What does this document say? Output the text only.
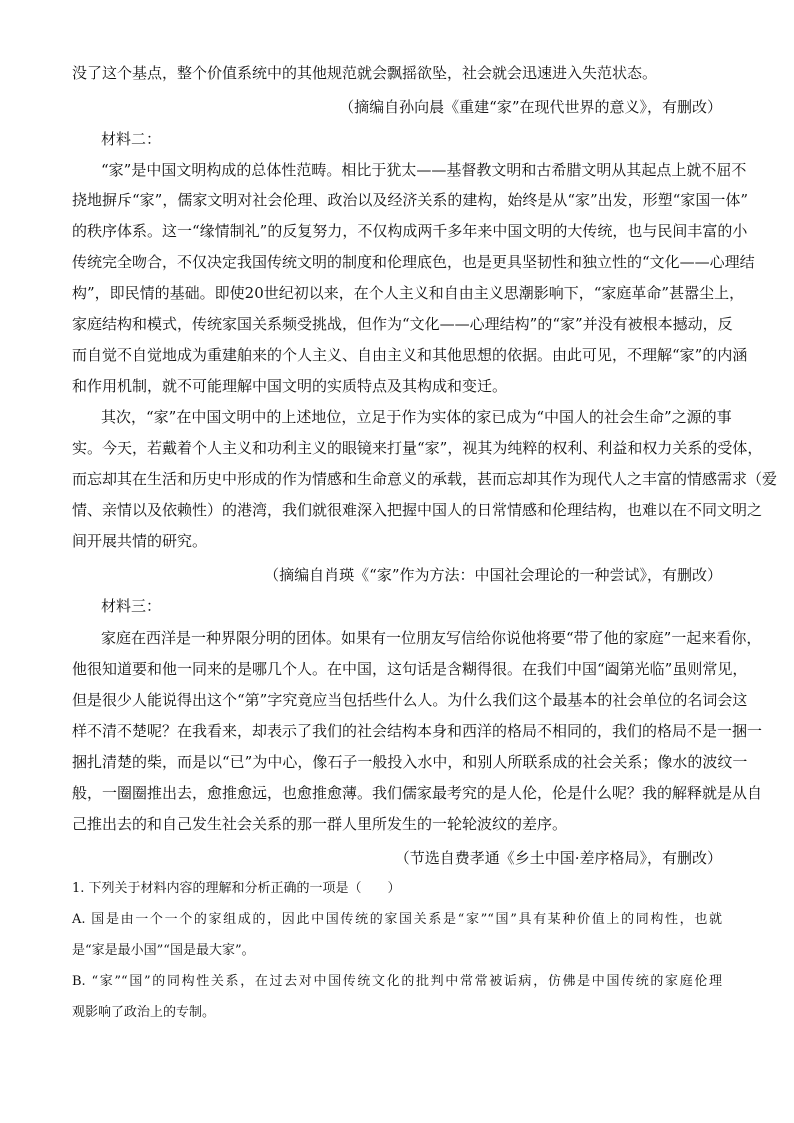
没了这个基点，整个价值系统中的其他规范就会飘摇欲坠，社会就会迅速进入失范状态。
（摘编自孙向晨《重建“家”在现代世界的意义》，有删改）
材料二：
“家”是中国文明构成的总体性范畴。相比于犹太——基督教文明和古希腊文明从其起点上就不屈不
挠地摒斥“家”，儒家文明对社会伦理、政治以及经济关系的建构，始终是从“家”出发，形塑“家国一体”
的秩序体系。这一“缘情制礼”的反复努力，不仅构成两千多年来中国文明的大传统，也与民间丰富的小
传统完全吻合，不仅决定我国传统文明的制度和伦理底色，也是更具坚韧性和独立性的“文化——心理结
构”，即民情的基础。即使20世纪初以来，在个人主义和自由主义思潮影响下，“家庭革命”甚嚣尘上，
家庭结构和模式，传统家国关系频受挑战，但作为“文化——心理结构”的“家”并没有被根本撼动，反
而自觉不自觉地成为重建舶来的个人主义、自由主义和其他思想的依据。由此可见，不理解“家”的内涵
和作用机制，就不可能理解中国文明的实质特点及其构成和变迁。
其次，“家”在中国文明中的上述地位，立足于作为实体的家已成为“中国人的社会生命”之源的事
实。今天，若戴着个人主义和功利主义的眼镜来打量“家”，视其为纯粹的权利、利益和权力关系的受体，
而忘却其在生活和历史中形成的作为情感和生命意义的承载，甚而忘却其作为现代人之丰富的情感需求（爱
情、亲情以及依赖性）的港湾，我们就很难深入把握中国人的日常情感和伦理结构，也难以在不同文明之
间开展共情的研究。
（摘编自肖瑛《“家”作为方法：中国社会理论的一种尝试》，有删改）
材料三：
家庭在西洋是一种界限分明的团体。如果有一位朋友写信给你说他将要“带了他的家庭”一起来看你，
他很知道要和他一同来的是哪几个人。在中国，这句话是含糊得很。在我们中国“阖第光临”虽则常见，
但是很少人能说得出这个“第”字究竟应当包括些什么人。为什么我们这个最基本的社会单位的名词会这
样不清不楚呢？在我看来，却表示了我们的社会结构本身和西洋的格局不相同的，我们的格局不是一捆一
捆扎清楚的柴，而是以“已”为中心，像石子一般投入水中，和别人所联系成的社会关系；像水的波纹一
般，一圈圈推出去，愈推愈远，也愈推愈薄。我们儒家最考究的是人伦，伦是什么呢？我的解释就是从自
己推出去的和自己发生社会关系的那一群人里所发生的一轮轮波纹的差序。
（节选自费孝通《乡土中国·差序格局》，有删改）
1. 下列关于材料内容的理解和分析正确的一项是（　　）
A. 国是由一个一个的家组成的，因此中国传统的家国关系是“家”“国”具有某种价值上的同构性，也就
是“家是最小国”“国是最大家”。
B. “家”“国”的同构性关系，在过去对中国传统文化的批判中常常被诟病，仿佛是中国传统的家庭伦理
观影响了政治上的专制。
